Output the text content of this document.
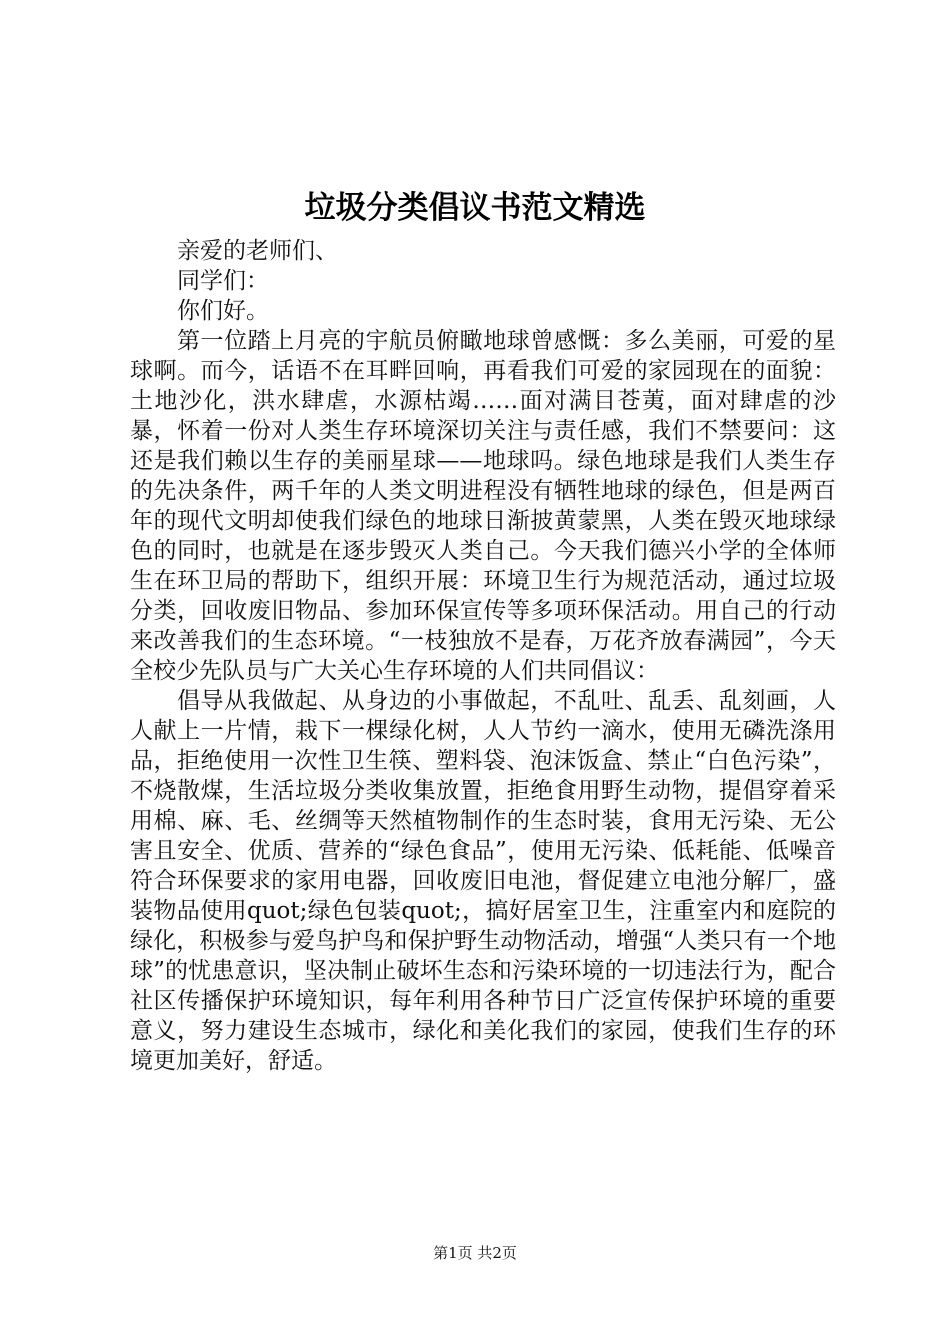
垃圾分类倡议书范文精选

亲爱的老师们、

同学们：

你们好。

第一位踏上月亮的宇航员俯瞰地球曾感慨：多么美丽，可爱的星球啊。而今，话语不在耳畔回响，再看我们可爱的家园现在的面貌：土地沙化，洪水肆虐，水源枯竭……面对满目苍荑，面对肆虐的沙暴，怀着一份对人类生存环境深切关注与责任感，我们不禁要问：这还是我们赖以生存的美丽星球——地球吗。绿色地球是我们人类生存的先决条件，两千年的人类文明进程没有牺牲地球的绿色，但是两百年的现代文明却使我们绿色的地球日渐披黄蒙黑，人类在毁灭地球绿色的同时，也就是在逐步毁灭人类自己。今天我们德兴小学的全体师生在环卫局的帮助下，组织开展：环境卫生行为规范活动，通过垃圾分类，回收废旧物品、参加环保宣传等多项环保活动。用自己的行动来改善我们的生态环境。“一枝独放不是春，万花齐放春满园”，今天全校少先队员与广大关心生存环境的人们共同倡议：

倡导从我做起、从身边的小事做起，不乱吐、乱丢、乱刻画，人人献上一片情，栽下一棵绿化树，人人节约一滴水，使用无磷洗涤用品，拒绝使用一次性卫生筷、塑料袋、泡沫饭盒、禁止“白色污染”，不烧散煤，生活垃圾分类收集放置，拒绝食用野生动物，提倡穿着采用棉、麻、毛、丝绸等天然植物制作的生态时装，食用无污染、无公害且安全、优质、营养的“绿色食品”，使用无污染、低耗能、低噪音符合环保要求的家用电器，回收废旧电池，督促建立电池分解厂，盛装物品使用quot;绿色包装quot;，搞好居室卫生，注重室内和庭院的绿化，积极参与爱鸟护鸟和保护野生动物活动，增强“人类只有一个地球”的忧患意识，坚决制止破坏生态和污染环境的一切违法行为，配合社区传播保护环境知识，每年利用各种节日广泛宣传保护环境的重要意义，努力建设生态城市，绿化和美化我们的家园，使我们生存的环境更加美好，舒适。

第1页 共2页
